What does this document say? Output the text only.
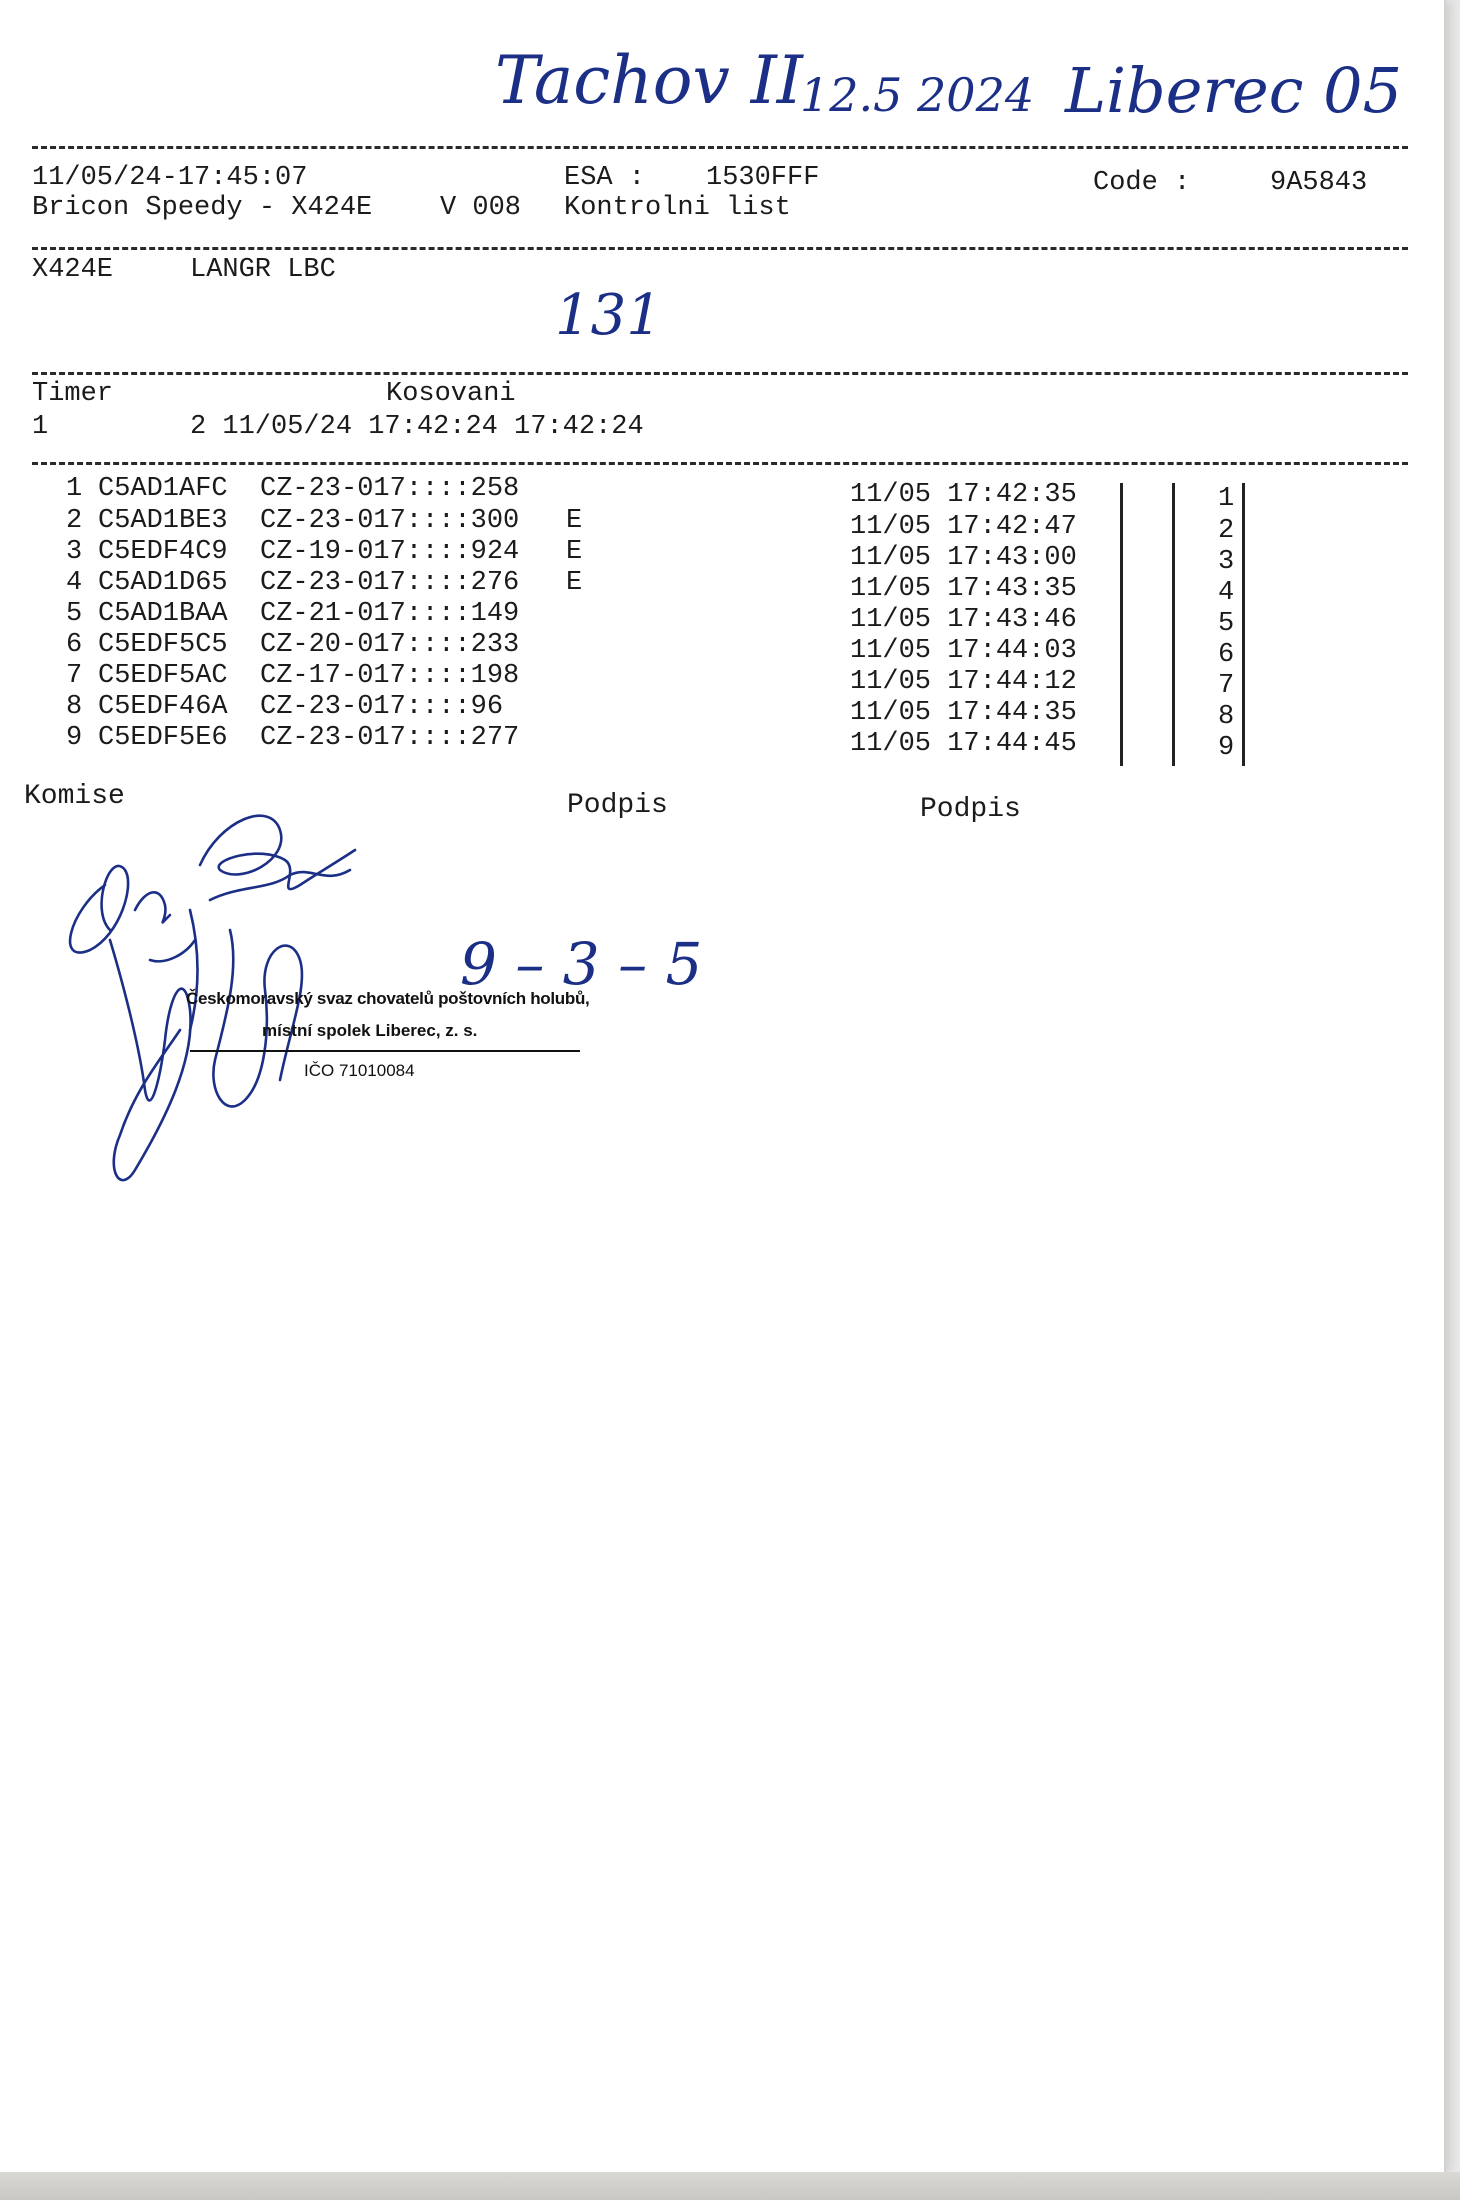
Tachov II
12.5 2024 Liberec 05
11/05/24-17:45:07	ESA : 1530FFF	Code :	9A5843
Bricon Speedy - X424E	V 008 Kontrolni list
X424E	LANGR LBC
131
Timer	Kosovani
1	2 11/05/24 17:42:24 17:42:24
1 C5AD1AFC CZ-23-017::::258	11/05 17:42:35	1
2 C5AD1BE3 CZ-23-017::::300 E	11/05 17:42:47	2
3 C5EDF4C9 CZ-19-017::::924 E	11/05 17:43:00	3
4 C5AD1D65 CZ-23-017::::276 E	11/05 17:43:35	4
5 C5AD1BAA CZ-21-017::::149	11/05 17:43:46	5
6 C5EDF5C5 CZ-20-017::::233	11/05 17:44:03	6
7 C5EDF5AC CZ-17-017::::198	11/05 17:44:12	7
8 C5EDF46A CZ-23-017::::96	11/05 17:44:35	8
9 C5EDF5E6 CZ-23-017::::277	11/05 17:44:45	9
Komise	Podpis	Podpis
9 – 3 – 5
Českomoravský svaz chovatelů poštovních holubů,
místní spolek Liberec, z. s.
IČO 71010084
